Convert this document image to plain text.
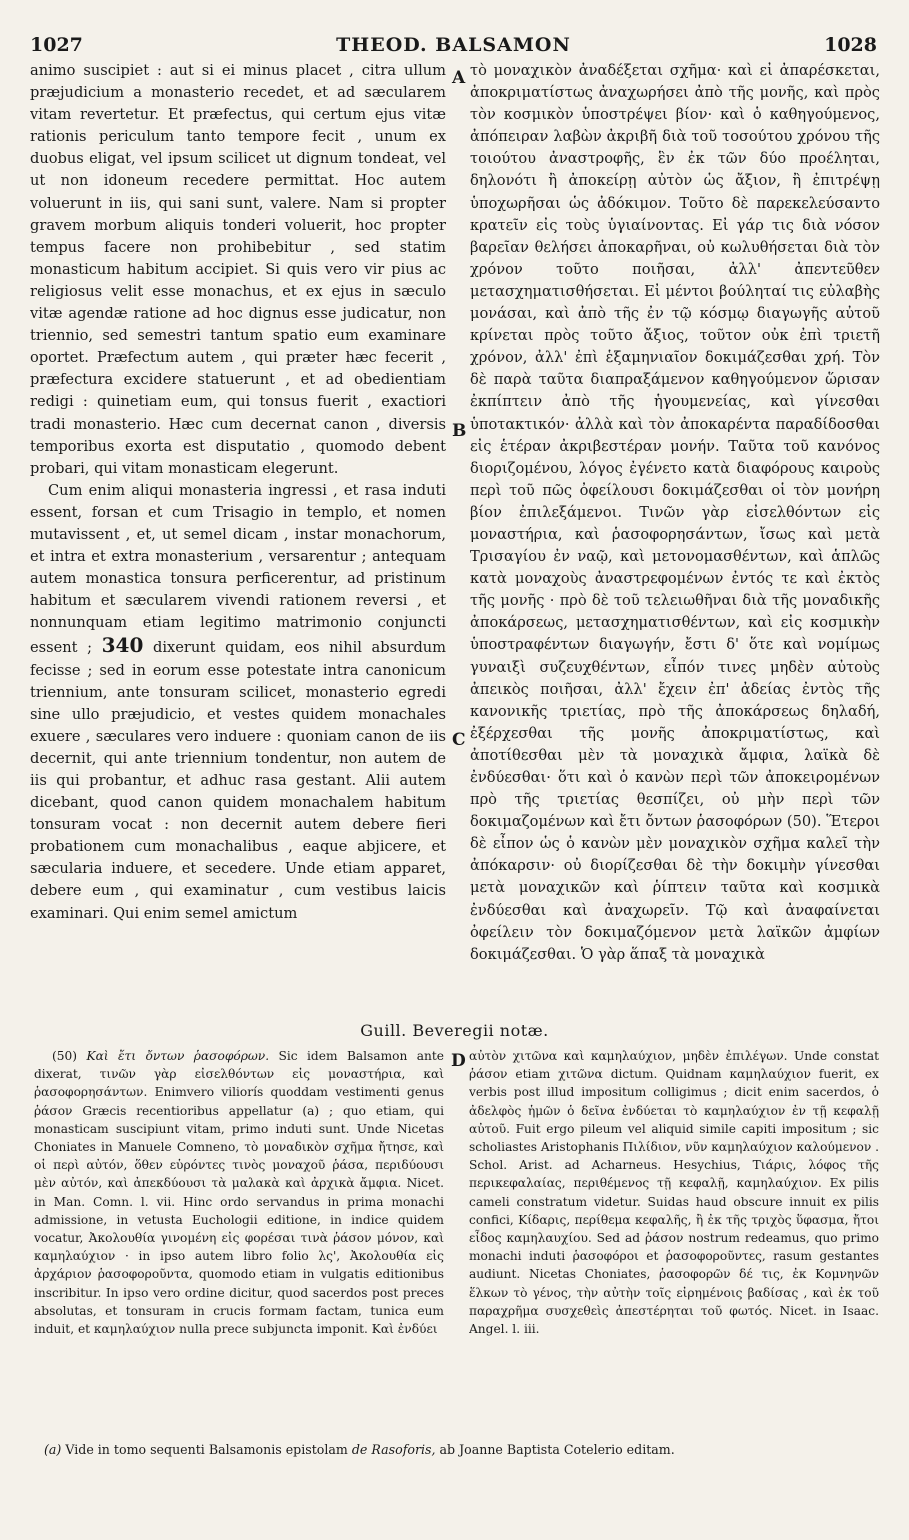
1027	THEOD. BALSAMON	1028

animo suscipiet : aut si ei minus placet , citra ullum præjudicium a monasterio recedet, et ad sæcularem vitam revertetur. Et præfectus, qui certum ejus vitæ rationis periculum tanto tempore fecit , unum ex duobus eligat, vel ipsum scilicet ut dignum tondeat, vel ut non idoneum recedere permittat. Hoc autem voluerunt in iis, qui sani sunt, valere. Nam si propter gravem morbum aliquis tonderi voluerit, hoc propter tempus facere non prohibebitur , sed statim monasticum habitum accipiet. Si quis vero vir pius ac religiosus velit esse monachus, et ex ejus in sæculo vitæ agendæ ratione ad hoc dignus esse judicatur, non triennio, sed semestri tantum spatio eum examinare oportet. Præfectum autem , qui præter hæc fecerit , præfectura excidere statuerunt , et ad obedientiam redigi : quinetiam eum, qui tonsus fuerit , exactiori tradi monasterio. Hæc cum decernat canon , diversis temporibus exorta est disputatio , quomodo debent probari, qui vitam monasticam elegerunt.

Cum enim aliqui monasteria ingressi , et rasa induti essent, forsan et cum Trisagio in templo, et nomen mutavissent , et, ut semel dicam , instar monachorum, et intra et extra monasterium , versarentur ; antequam autem monastica tonsura perficerentur, ad pristinum habitum et sæcularem vivendi rationem reversi , et nonnunquam etiam legitimo matrimonio conjuncti essent ; 340 dixerunt quidam, eos nihil absurdum fecisse ; sed in eorum esse potestate intra canonicum triennium, ante tonsuram scilicet, monasterio egredi sine ullo præjudicio, et vestes quidem monachales exuere , sæculares vero induere : quoniam canon de iis decernit, qui ante triennium tondentur, non autem de iis qui probantur, et adhuc rasa gestant. Alii autem dicebant, quod canon quidem monachalem habitum tonsuram vocat : non decernit autem debere fieri probationem cum monachalibus , eaque abjicere, et sæcularia induere, et secedere. Unde etiam apparet, debere eum , qui examinatur , cum vestibus laicis examinari. Qui enim semel amictum

A
B
C
D

τὸ μοναχικὸν ἀναδέξεται σχῆμα· καὶ εἰ ἀπαρέσκεται, ἀποκριματίστως ἀναχωρήσει ἀπὸ τῆς μονῆς, καὶ πρὸς τὸν κοσμικὸν ὑποστρέψει βίον· καὶ ὁ καθηγούμενος, ἀπόπειραν λαβὼν ἀκριβῆ διὰ τοῦ τοσούτου χρόνου τῆς τοιούτου ἀναστροφῆς, ἓν ἐκ τῶν δύο προέληται, δηλονότι ἢ ἀποκείρῃ αὐτὸν ὡς ἄξιον, ἢ ἐπιτρέψῃ ὑποχωρῆσαι ὡς ἀδόκιμον. Τοῦτο δὲ παρεκελεύσαντο κρατεῖν εἰς τοὺς ὑγιαίνοντας. Εἰ γάρ τις διὰ νόσον βαρεῖαν θελήσει ἀποκαρῆναι, οὐ κωλυθήσεται διὰ τὸν χρόνον τοῦτο ποιῆσαι, ἀλλ' ἀπεντεῦθεν μετασχηματισθήσεται. Εἰ μέντοι βούληταί τις εὐλαβὴς μονάσαι, καὶ ἀπὸ τῆς ἐν τῷ κόσμῳ διαγωγῆς αὐτοῦ κρίνεται πρὸς τοῦτο ἄξιος, τοῦτον οὐκ ἐπὶ τριετῆ χρόνον, ἀλλ' ἐπὶ ἑξαμηνιαῖον δοκιμάζεσθαι χρή. Τὸν δὲ παρὰ ταῦτα διαπραξάμενον καθηγούμενον ὥρισαν ἐκπίπτειν ἀπὸ τῆς ἡγουμενείας, καὶ γίνεσθαι ὑποτακτικόν· ἀλλὰ καὶ τὸν ἀποκαρέντα παραδίδοσθαι εἰς ἑτέραν ἀκριβεστέραν μονήν. Ταῦτα τοῦ κανόνος διοριζομένου, λόγος ἐγένετο κατὰ διαφόρους καιροὺς περὶ τοῦ πῶς ὀφείλουσι δοκιμάζεσθαι οἱ τὸν μονήρη βίον ἐπιλεξάμενοι. Τινῶν γὰρ εἰσελθόντων εἰς μοναστήρια, καὶ ῥασοφορησάντων, ἴσως καὶ μετὰ Τρισαγίου ἐν ναῷ, καὶ μετονομασθέντων, καὶ ἁπλῶς κατὰ μοναχοὺς ἀναστρεφομένων ἐντός τε καὶ ἐκτὸς τῆς μονῆς · πρὸ δὲ τοῦ τελειωθῆναι διὰ τῆς μοναδικῆς ἀποκάρσεως, μετασχηματισθέντων, καὶ εἰς κοσμικὴν ὑποστραφέντων διαγωγήν, ἔστι δ' ὅτε καὶ νομίμως γυναιξὶ συζευχθέντων, εἶπόν τινες μηδὲν αὐτοὺς ἀπεικὸς ποιῆσαι, ἀλλ' ἔχειν ἐπ' ἀδείας ἐντὸς τῆς κανονικῆς τριετίας, πρὸ τῆς ἀποκάρσεως δηλαδή, ἐξέρχεσθαι τῆς μονῆς ἀποκριματίστως, καὶ ἀποτίθεσθαι μὲν τὰ μοναχικὰ ἄμφια, λαϊκὰ δὲ ἐνδύεσθαι· ὅτι καὶ ὁ κανὼν περὶ τῶν ἀποκειρομένων πρὸ τῆς τριετίας θεσπίζει, οὐ μὴν περὶ τῶν δοκιμαζομένων καὶ ἔτι ὄντων ῥασοφόρων (50). Ἕτεροι δὲ εἶπον ὡς ὁ κανὼν μὲν μοναχικὸν σχῆμα καλεῖ τὴν ἀπόκαρσιν· οὐ διορίζεσθαι δὲ τὴν δοκιμὴν γίνεσθαι μετὰ μοναχικῶν καὶ ῥίπτειν ταῦτα καὶ κοσμικὰ ἐνδύεσθαι καὶ ἀναχωρεῖν. Τῷ καὶ ἀναφαίνεται ὀφείλειν τὸν δοκιμαζόμενον μετὰ λαϊκῶν ἀμφίων δοκιμάζεσθαι. Ὁ γὰρ ἅπαξ τὰ μοναχικὰ

Guill. Beveregii notæ.

(50) Καὶ ἔτι ὄντων ῥασοφόρων. Sic idem Balsamon ante dixerat, τινῶν γὰρ εἰσελθόντων εἰς μοναστήρια, καὶ ῥασοφορησάντων. Enimvero viliorís quoddam vestimenti genus ῥάσον Græcis recentioribus appellatur (a) ; quo etiam, qui monasticam suscipiunt vitam, primo induti sunt. Unde Nicetas Choniates in Manuele Comneno, τὸ μοναδικὸν σχῆμα ἤτησε, καὶ οἱ περὶ αὐτόν, ὅθεν εὑρόντες τινὸς μοναχοῦ ῥάσα, περιδύουσι μὲν αὐτόν, καὶ ἀπεκδύουσι τὰ μαλακὰ καὶ ἀρχικὰ ἄμφια. Nicet. in Man. Comn. l. vii. Hinc ordo servandus in prima monachi admissione, in vetusta Euchologii editione, in indice quidem vocatur, Ἀκολουθία γινομένη εἰς φορέσαι τινὰ ῥάσον μόνον, καὶ καμηλαύχιον · in ipso autem libro folio λς', Ἀκολουθία εἰς ἀρχάριον ῥασοφοροῦντα, quomodo etiam in vulgatis editionibus inscribitur. In ipso vero ordine dicitur, quod sacerdos post preces absolutas, et tonsuram in crucis formam factam, tunica eum induit, et καμηλαύχιον nulla prece subjuncta imponit. Καὶ ἐνδύει

αὐτὸν χιτῶνα καὶ καμηλαύχιον, μηδὲν ἐπιλέγων. Unde constat ῥάσον etiam χιτῶνα dictum. Quidnam καμηλαύχιον fuerit, ex verbis post illud impositum colligimus ; dicit enim sacerdos, ὁ ἀδελφὸς ἡμῶν ὁ δεῖνα ἐνδύεται τὸ καμηλαύχιον ἐν τῇ κεφαλῇ αὐτοῦ. Fuit ergo pileum vel aliquid simile capiti impositum ; sic scholiastes Aristophanis Πιλίδιον, νῦν καμηλαύχιον καλούμενον . Schol. Arist. ad Acharneus. Hesychius, Τιάρις, λόφος τῆς περικεφαλαίας, περιθέμενος τῇ κεφαλῇ, καμηλαύχιον. Ex pilis cameli constratum videtur. Suidas haud obscure innuit ex pilis confici, Κίδαρις, περίθεμα κεφαλῆς, ἢ ἐκ τῆς τριχὸς ὕφασμα, ἤτοι εἶδος καμηλαυχίου. Sed ad ῥάσον nostrum redeamus, quo primo monachi induti ῥασοφόροι et ῥασοφοροῦντες, rasum gestantes audiunt. Nicetas Choniates, ῥασοφορῶν δέ τις, ἐκ Κομνηνῶν ἕλκων τὸ γένος, τὴν αὐτὴν τοῖς εἰρημένοις βαδίσας , καὶ ἐκ τοῦ παραχρῆμα συσχεθεὶς ἀπεστέρηται τοῦ φωτός. Nicet. in Isaac. Angel. l. iii.

(a) Vide in tomo sequenti Balsamonis epistolam de Rasoforis, ab Joanne Baptista Cotelerio editam.
